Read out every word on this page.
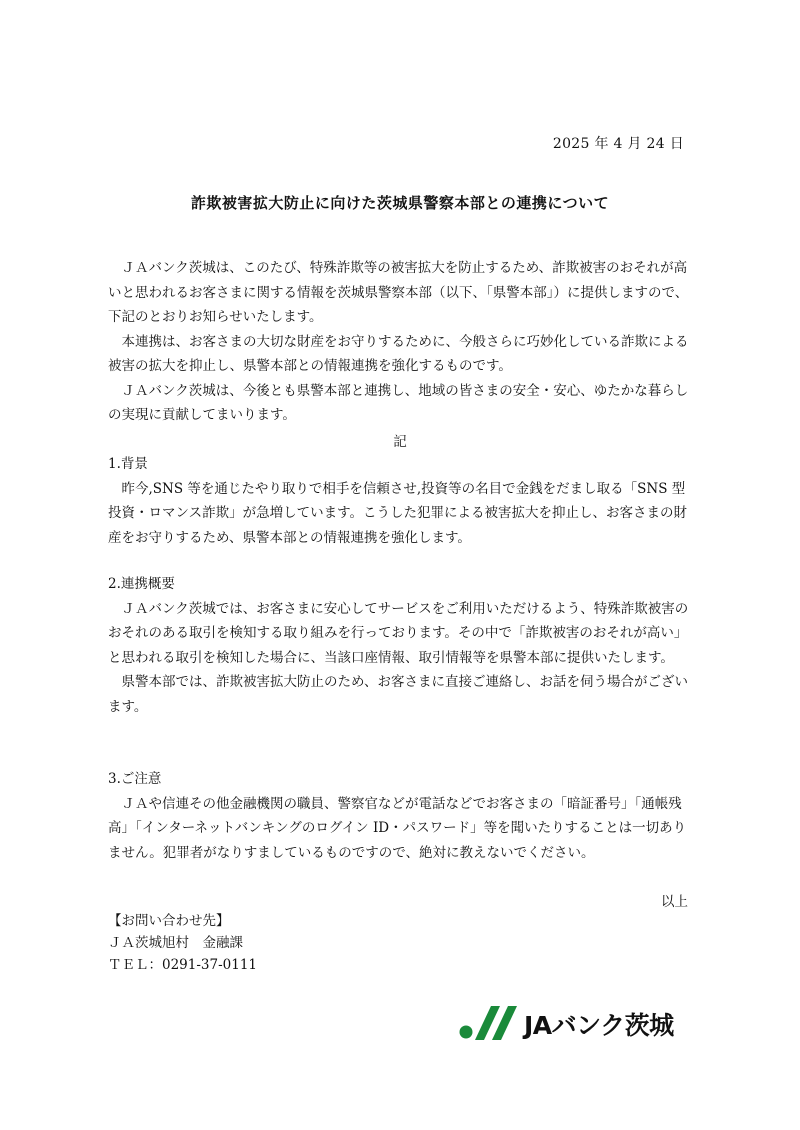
2025 年 4 月 24 日
詐欺被害拡大防止に向けた茨城県警察本部との連携について

ＪＡバンク茨城は、このたび、特殊詐欺等の被害拡大を防止するため、詐欺被害のおそれが高いと思われるお客さまに関する情報を茨城県警察本部（以下、「県警本部」）に提供しますので、下記のとおりお知らせいたします。

本連携は、お客さまの大切な財産をお守りするために、今般さらに巧妙化している詐欺による被害の拡大を抑止し、県警本部との情報連携を強化するものです。

ＪＡバンク茨城は、今後とも県警本部と連携し、地域の皆さまの安全・安心、ゆたかな暮らしの実現に貢献してまいります。

記
1.背景

昨今,SNS 等を通じたやり取りで相手を信頼させ,投資等の名目で金銭をだまし取る「SNS 型投資・ロマンス詐欺」が急増しています。こうした犯罪による被害拡大を抑止し、お客さまの財産をお守りするため、県警本部との情報連携を強化します。

2.連携概要

ＪＡバンク茨城では、お客さまに安心してサービスをご利用いただけるよう、特殊詐欺被害のおそれのある取引を検知する取り組みを行っております。その中で「詐欺被害のおそれが高い」と思われる取引を検知した場合に、当該口座情報、取引情報等を県警本部に提供いたします。

県警本部では、詐欺被害拡大防止のため、お客さまに直接ご連絡し、お話を伺う場合がございます。

3.ご注意

ＪＡや信連その他金融機関の職員、警察官などが電話などでお客さまの「暗証番号」「通帳残高」「インターネットバンキングのログイン ID・パスワード」等を聞いたりすることは一切ありません。犯罪者がなりすましているものですので、絶対に教えないでください。

以上
【お問い合わせ先】
ＪＡ茨城旭村　金融課
ＴＥＬ：0291-37-0111
JAバンク茨城
